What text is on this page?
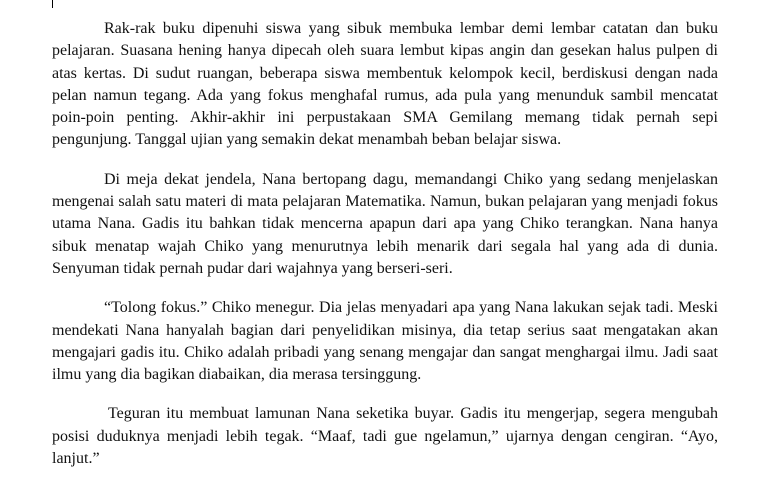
Rak-rak buku dipenuhi siswa yang sibuk membuka lembar demi lembar catatan dan buku pelajaran. Suasana hening hanya dipecah oleh suara lembut kipas angin dan gesekan halus pulpen di atas kertas. Di sudut ruangan, beberapa siswa membentuk kelompok kecil, berdiskusi dengan nada pelan namun tegang. Ada yang fokus menghafal rumus, ada pula yang menunduk sambil mencatat poin-poin penting. Akhir-akhir ini perpustakaan SMA Gemilang memang tidak pernah sepi pengunjung. Tanggal ujian yang semakin dekat menambah beban belajar siswa.

Di meja dekat jendela, Nana bertopang dagu, memandangi Chiko yang sedang menjelaskan mengenai salah satu materi di mata pelajaran Matematika. Namun, bukan pelajaran yang menjadi fokus utama Nana. Gadis itu bahkan tidak mencerna apapun dari apa yang Chiko terangkan. Nana hanya sibuk menatap wajah Chiko yang menurutnya lebih menarik dari segala hal yang ada di dunia. Senyuman tidak pernah pudar dari wajahnya yang berseri-seri.

“Tolong fokus.” Chiko menegur. Dia jelas menyadari apa yang Nana lakukan sejak tadi. Meski mendekati Nana hanyalah bagian dari penyelidikan misinya, dia tetap serius saat mengatakan akan mengajari gadis itu. Chiko adalah pribadi yang senang mengajar dan sangat menghargai ilmu. Jadi saat ilmu yang dia bagikan diabaikan, dia merasa tersinggung.

Teguran itu membuat lamunan Nana seketika buyar. Gadis itu mengerjap, segera mengubah posisi duduknya menjadi lebih tegak. “Maaf, tadi gue ngelamun,” ujarnya dengan cengiran. “Ayo, lanjut.”
